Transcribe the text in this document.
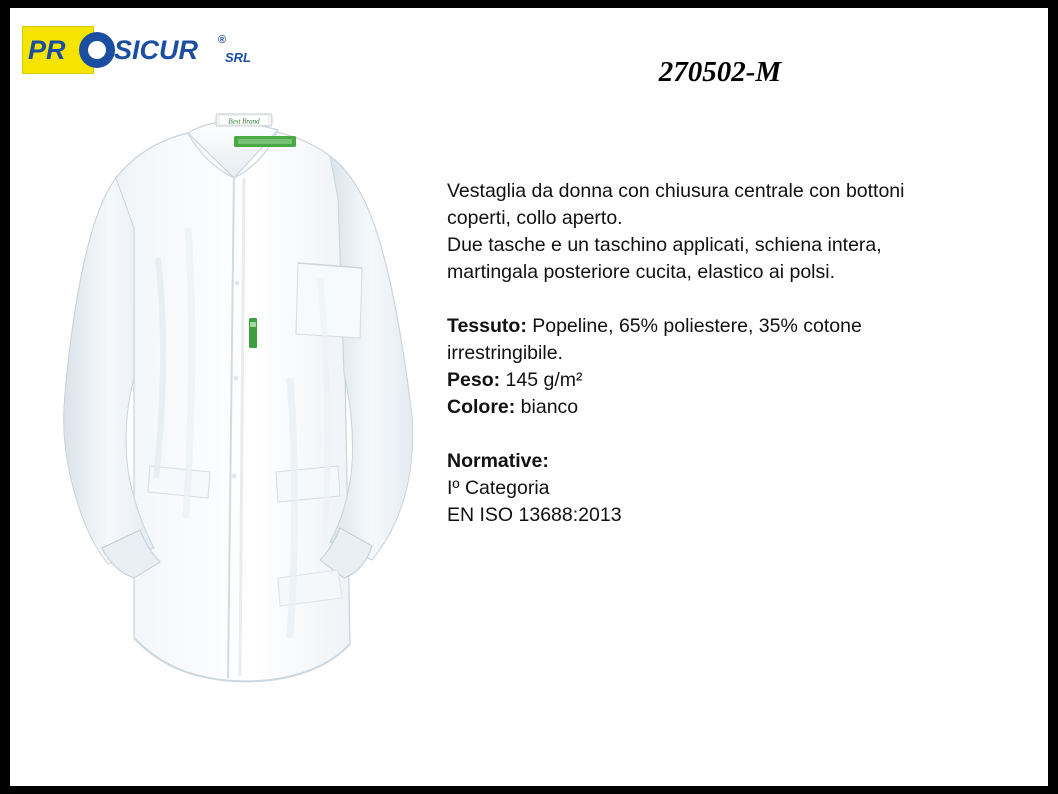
PR SICUR ®
SRL	270502-M
Best Brand

Vestaglia da donna con chiusura centrale con bottoni

coperti, collo aperto.

Due tasche e un taschino applicati, schiena intera,

martingala posteriore cucita, elastico ai polsi.

Tessuto: Popeline, 65% poliestere, 35% cotone

irrestringibile.

Peso: 145 g/m²

Colore: bianco

Normative:

Iº Categoria

EN ISO 13688:2013
